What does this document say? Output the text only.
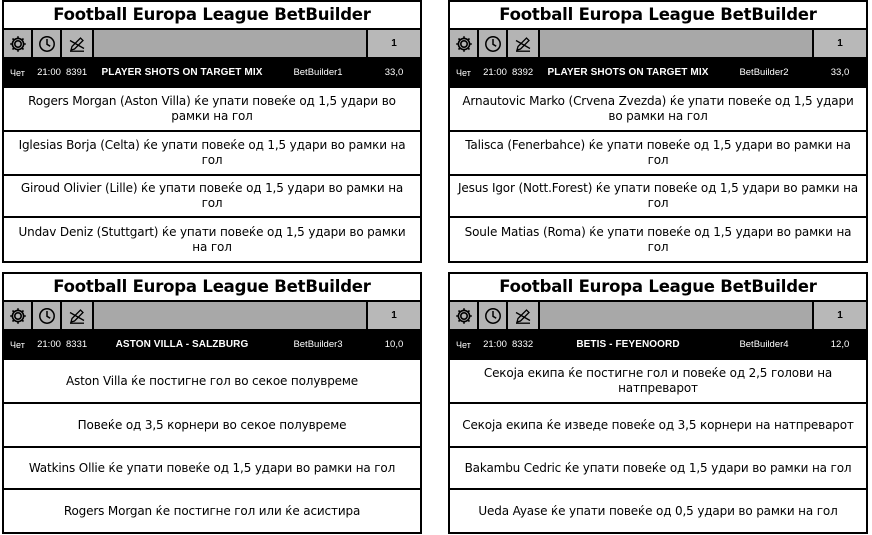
Football Europa League BetBuilder
1
Чет	21:00 8391	PLAYER SHOTS ON TARGET MIX	BetBuilder1	33,0
Rogers Morgan (Aston Villa) ќе упати повеќе од 1,5 удари во рамки на гол
Iglesias Borja (Celta) ќе упати повеќе од 1,5 удари во рамки на гол
Giroud Olivier (Lille) ќе упати повеќе од 1,5 удари во рамки на гол
Undav Deniz (Stuttgart) ќе упати повеќе од 1,5 удари во рамки на гол
Football Europa League BetBuilder
1
Чет	21:00 8392	PLAYER SHOTS ON TARGET MIX	BetBuilder2	33,0
Arnautovic Marko (Crvena Zvezda) ќе упати повеќе од 1,5 удари во рамки на гол
Talisca (Fenerbahce) ќе упати повеќе од 1,5 удари во рамки на гол
Jesus Igor (Nott.Forest) ќе упати повеќе од 1,5 удари во рамки на гол
Soule Matias (Roma) ќе упати повеќе од 1,5 удари во рамки на гол
Football Europa League BetBuilder
1
Чет	21:00 8331	ASTON VILLA - SALZBURG	BetBuilder3	10,0
Aston Villa ќе постигне гол во секое полувреме
Повеќе од 3,5 корнери во секое полувреме
Watkins Ollie ќе упати повеќе од 1,5 удари во рамки на гол
Rogers Morgan ќе постигне гол или ќе асистира
Football Europa League BetBuilder
1
Чет	21:00 8332	BETIS - FEYENOORD	BetBuilder4	12,0
Секоја екипа ќе постигне гол и повеќе од 2,5 голови на натпреварот
Секоја екипа ќе изведе повеќе од 3,5 корнери на натпреварот
Bakambu Cedric ќе упати повеќе од 1,5 удари во рамки на гол
Ueda Ayase ќе упати повеќе од 0,5 удари во рамки на гол
